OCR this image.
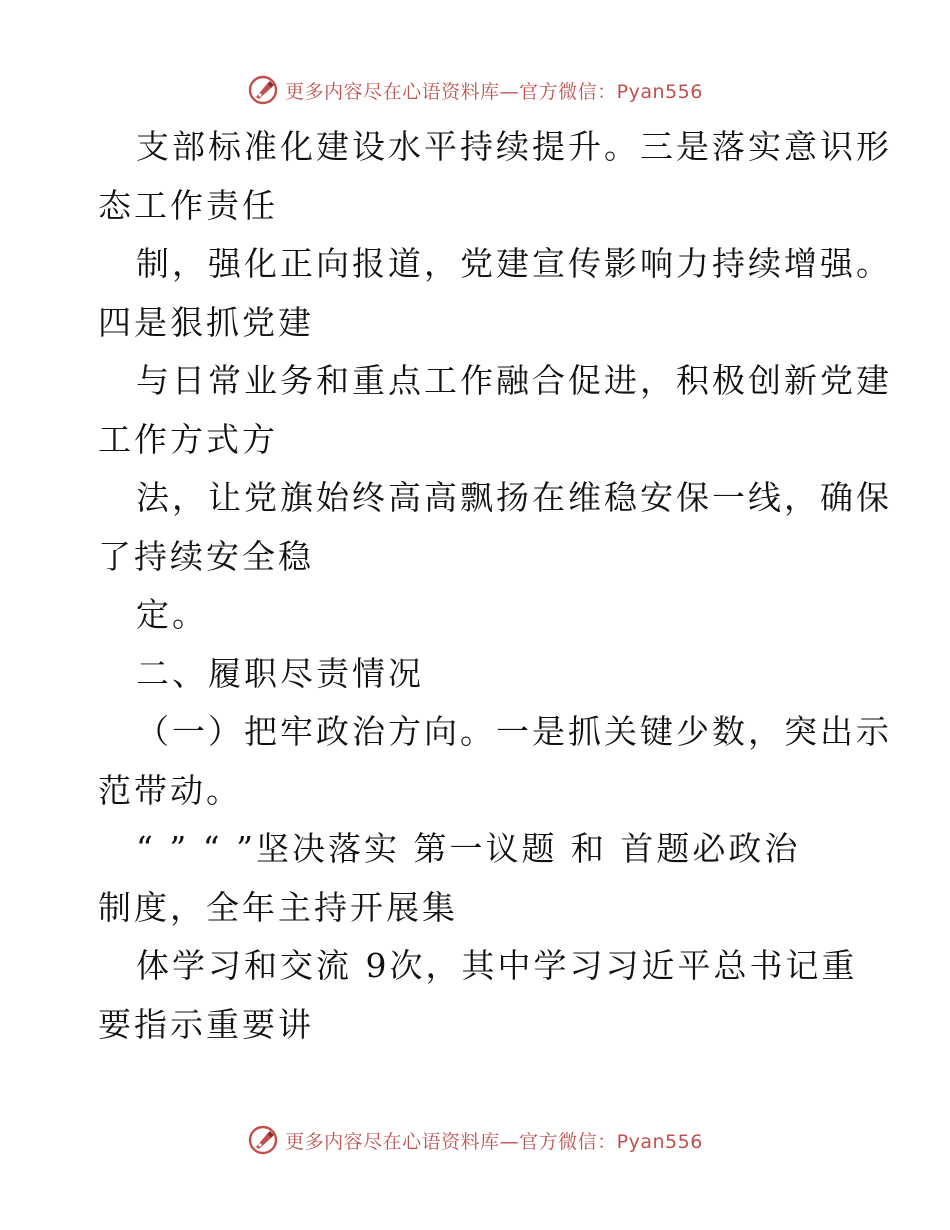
更多内容尽在心语资料库—官方微信：Pyan556
支部标准化建设水平持续提升。三是落实意识形
态工作责任
制，强化正向报道，党建宣传影响力持续增强。
四是狠抓党建
与日常业务和重点工作融合促进，积极创新党建
工作方式方
法，让党旗始终高高飘扬在维稳安保一线，确保
了持续安全稳
定。
二、履职尽责情况
（一）把牢政治方向。一是抓关键少数，突出示
范带动。
“ ” “ ”坚决落实 第一议题 和 首题必政治
制度，全年主持开展集
体学习和交流 9次，其中学习习近平总书记重
要指示重要讲
更多内容尽在心语资料库—官方微信：Pyan556
